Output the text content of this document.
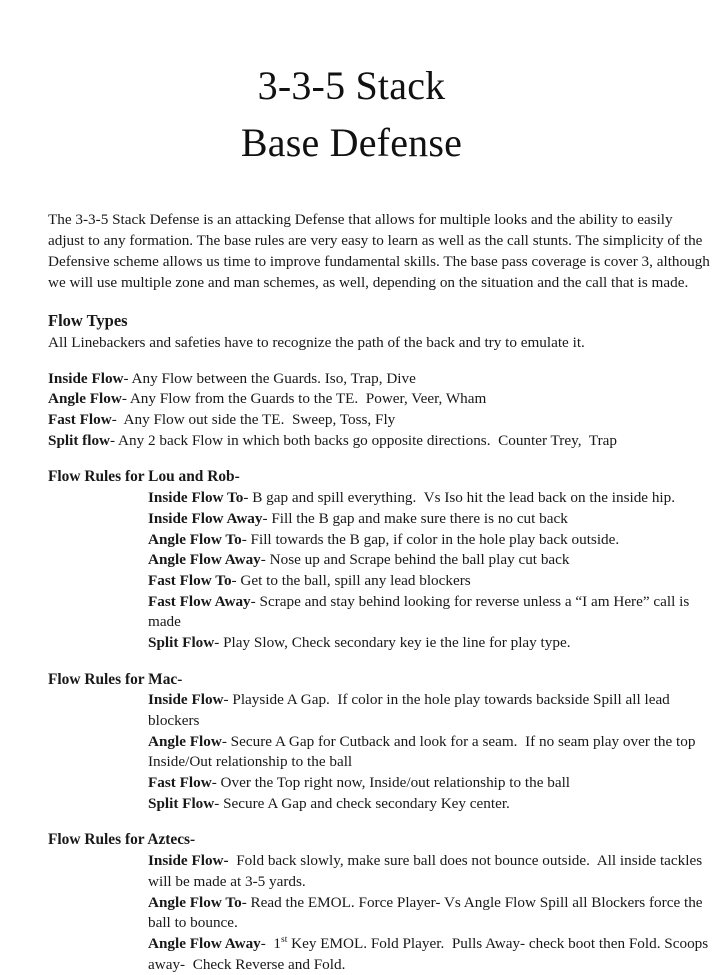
3-3-5 Stack
Base Defense

The 3-3-5 Stack Defense is an attacking Defense that allows for multiple looks and the ability to easily adjust to any formation. The base rules are very easy to learn as well as the call stunts. The simplicity of the Defensive scheme allows us time to improve fundamental skills. The base pass coverage is cover 3, although we will use multiple zone and man schemes, as well, depending on the situation and the call that is made.

Flow Types
All Linebackers and safeties have to recognize the path of the back and try to emulate it.
Inside Flow- Any Flow between the Guards. Iso, Trap, Dive
Angle Flow- Any Flow from the Guards to the TE.  Power, Veer, Wham
Fast Flow-  Any Flow out side the TE.  Sweep, Toss, Fly
Split flow- Any 2 back Flow in which both backs go opposite directions.  Counter Trey,  Trap
Flow Rules for Lou and Rob-
Inside Flow To- B gap and spill everything.  Vs Iso hit the lead back on the inside hip.
Inside Flow Away- Fill the B gap and make sure there is no cut back
Angle Flow To- Fill towards the B gap, if color in the hole play back outside.
Angle Flow Away- Nose up and Scrape behind the ball play cut back
Fast Flow To- Get to the ball, spill any lead blockers
Fast Flow Away- Scrape and stay behind looking for reverse unless a “I am Here” call is made
Split Flow- Play Slow, Check secondary key ie the line for play type.
Flow Rules for Mac-
Inside Flow- Playside A Gap.  If color in the hole play towards backside Spill all lead blockers
Angle Flow- Secure A Gap for Cutback and look for a seam.  If no seam play over the top Inside/Out relationship to the ball
Fast Flow- Over the Top right now, Inside/out relationship to the ball
Split Flow- Secure A Gap and check secondary Key center.
Flow Rules for Aztecs-
Inside Flow-  Fold back slowly, make sure ball does not bounce outside.  All inside tackles will be made at 3-5 yards.
Angle Flow To- Read the EMOL. Force Player- Vs Angle Flow Spill all Blockers force the ball to bounce.
Angle Flow Away-  1st Key EMOL. Fold Player.  Pulls Away- check boot then Fold. Scoops away-  Check Reverse and Fold.
